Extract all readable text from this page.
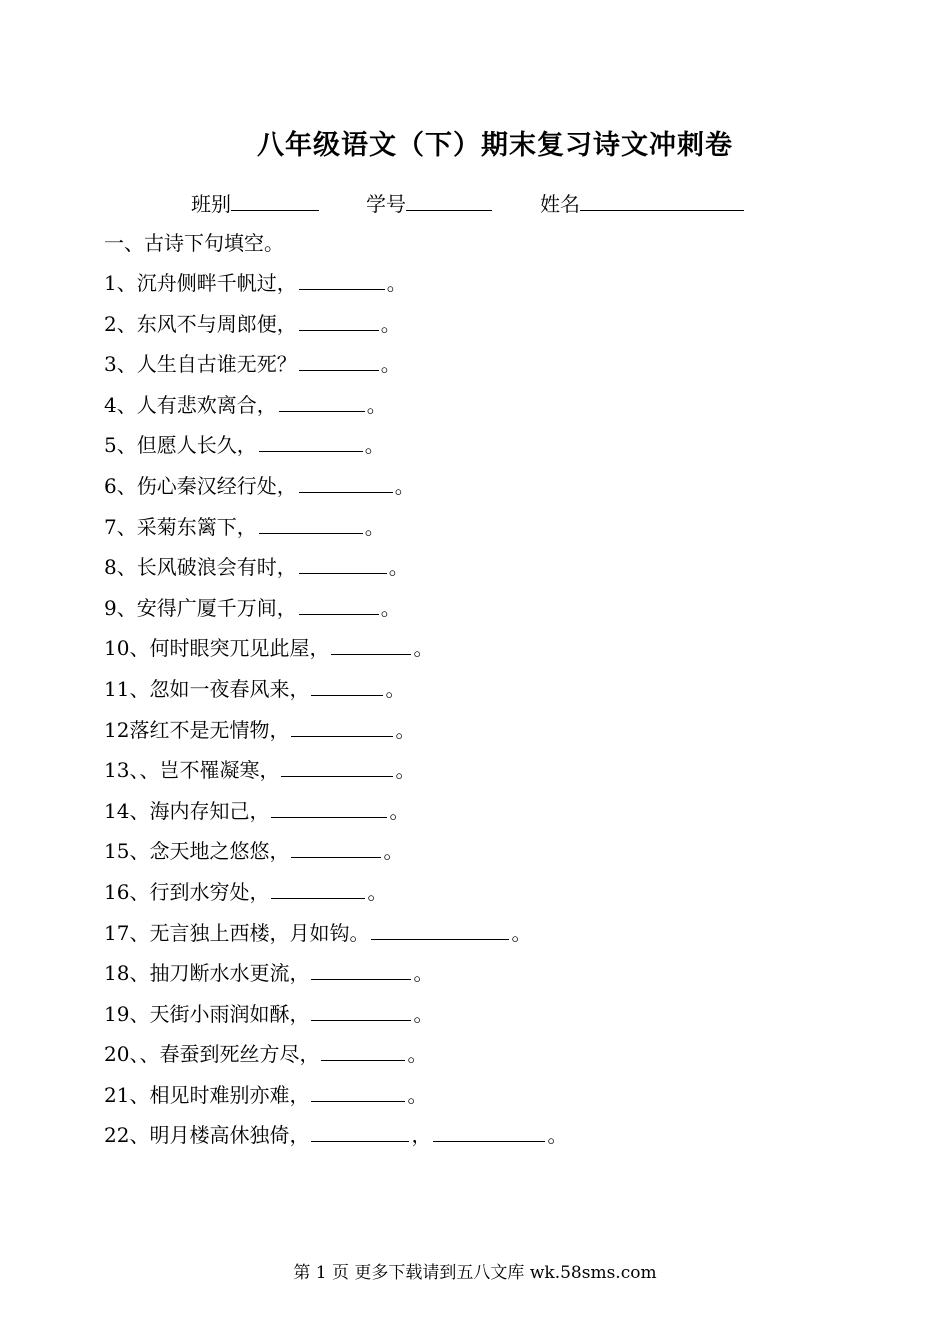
八年级语文（下）期末复习诗文冲刺卷
班别	学号	姓名
一、古诗下句填空。
1、沉舟侧畔千帆过，	。
2、东风不与周郎便，	。
3、人生自古谁无死？	。
4、人有悲欢离合，	。
5、但愿人长久，	。
6、伤心秦汉经行处，	。
7、采菊东篱下，	。
8、长风破浪会有时，	。
9、安得广厦千万间，	。
10、何时眼突兀见此屋，	。
11、忽如一夜春风来，	。
12落红不是无情物，	。
13、、岂不罹凝寒，	。
14、海内存知己，	。
15、念天地之悠悠，	。
16、行到水穷处，	。
17、无言独上西楼，月如钩。	。
18、抽刀断水水更流，	。
19、天街小雨润如酥，	。
20、、春蚕到死丝方尽，	。
21、相见时难别亦难，	。
22、明月楼高休独倚，	，	。
第 1 页 更多下载请到五八文库 wk.58sms.com
